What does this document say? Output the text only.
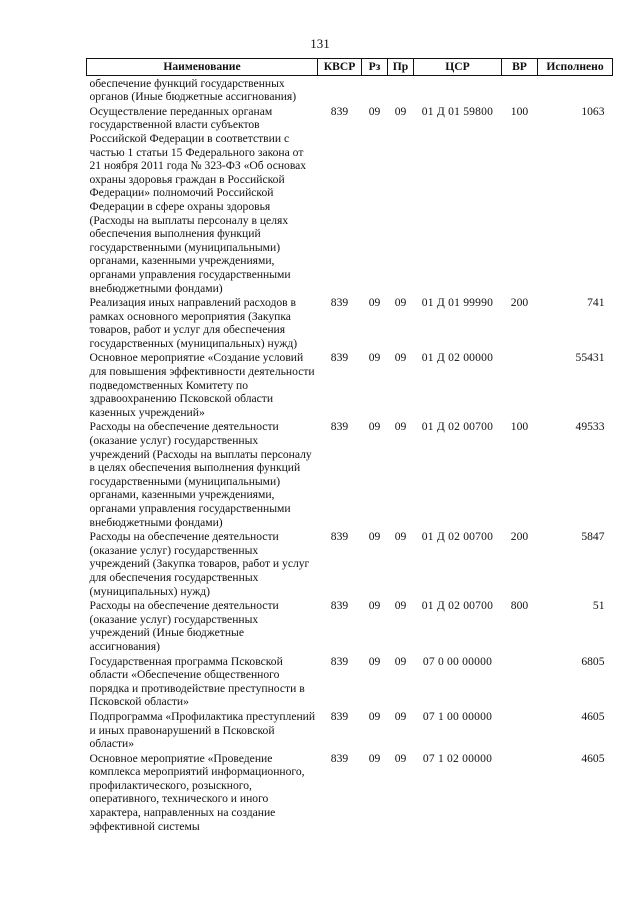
131
Наименование	КВСР	Рз	Пр	ЦСР	ВР	Исполнено
обеспечение функций государственных органов (Иные бюджетные ассигнования)						
Осуществление переданных органам государственной власти субъектов Российской Федерации в соответствии с частью 1 статьи 15 Федерального закона от 21 ноября 2011 года № 323-ФЗ «Об основах охраны здоровья граждан в Российской Федерации» полномочий Российской Федерации в сфере охраны здоровья (Расходы на выплаты персоналу в целях обеспечения выполнения функций государственными (муниципальными) органами, казенными учреждениями, органами управления государственными внебюджетными фондами)	839	09	09	01 Д 01 59800	100	1063
Реализация иных направлений расходов в рамках основного мероприятия (Закупка товаров, работ и услуг для обеспечения государственных (муниципальных) нужд)	839	09	09	01 Д 01 99990	200	741
Основное мероприятие «Создание условий для повышения эффективности деятельности подведомственных Комитету по здравоохранению Псковской области казенных учреждений»	839	09	09	01 Д 02 00000		55431
Расходы на обеспечение деятельности (оказание услуг) государственных учреждений (Расходы на выплаты персоналу в целях обеспечения выполнения функций государственными (муниципальными) органами, казенными учреждениями, органами управления государственными внебюджетными фондами)	839	09	09	01 Д 02 00700	100	49533
Расходы на обеспечение деятельности (оказание услуг) государственных учреждений (Закупка товаров, работ и услуг для обеспечения государственных (муниципальных) нужд)	839	09	09	01 Д 02 00700	200	5847
Расходы на обеспечение деятельности (оказание услуг) государственных учреждений (Иные бюджетные ассигнования)	839	09	09	01 Д 02 00700	800	51
Государственная программа Псковской области «Обеспечение общественного порядка и противодействие преступности в Псковской области»	839	09	09	07 0 00 00000		6805
Подпрограмма «Профилактика преступлений и иных правонарушений в Псковской области»	839	09	09	07 1 00 00000		4605
Основное мероприятие «Проведение комплекса мероприятий информационного, профилактического, розыскного, оперативного, технического и иного характера, направленных на создание эффективной системы	839	09	09	07 1 02 00000		4605
